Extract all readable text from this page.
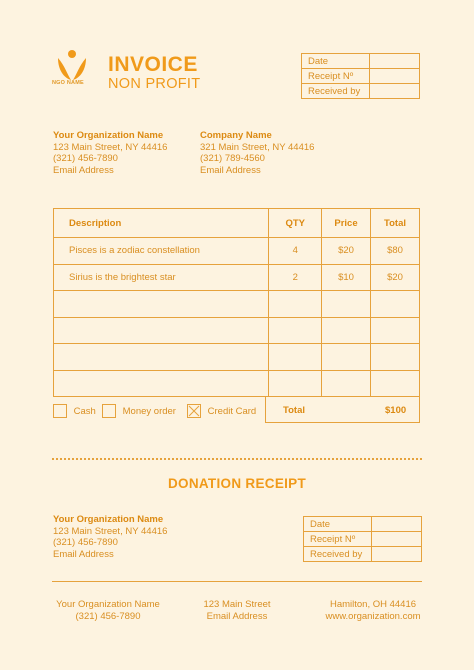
NGO NAME
INVOICE
NON PROFIT
Date	
Receipt Nº	
Received by	
Your Organization Name
123 Main Street, NY 44416
(321) 456-7890
Email Address
Company Name
321 Main Street, NY 44416
(321) 789-4560
Email Address
Description	QTY	Price	Total
Pisces is a zodiac constellation	4	$20	$80
Sirius is the brightest star	2	$10	$20

Total	$100
Cash	Money order	Credit Card
DONATION RECEIPT
Your Organization Name
123 Main Street, NY 44416
(321) 456-7890
Email Address
Date	
Receipt Nº	
Received by	
Your Organization Name
(321) 456-7890
123 Main Street
Email Address
Hamilton, OH 44416
www.organization.com
